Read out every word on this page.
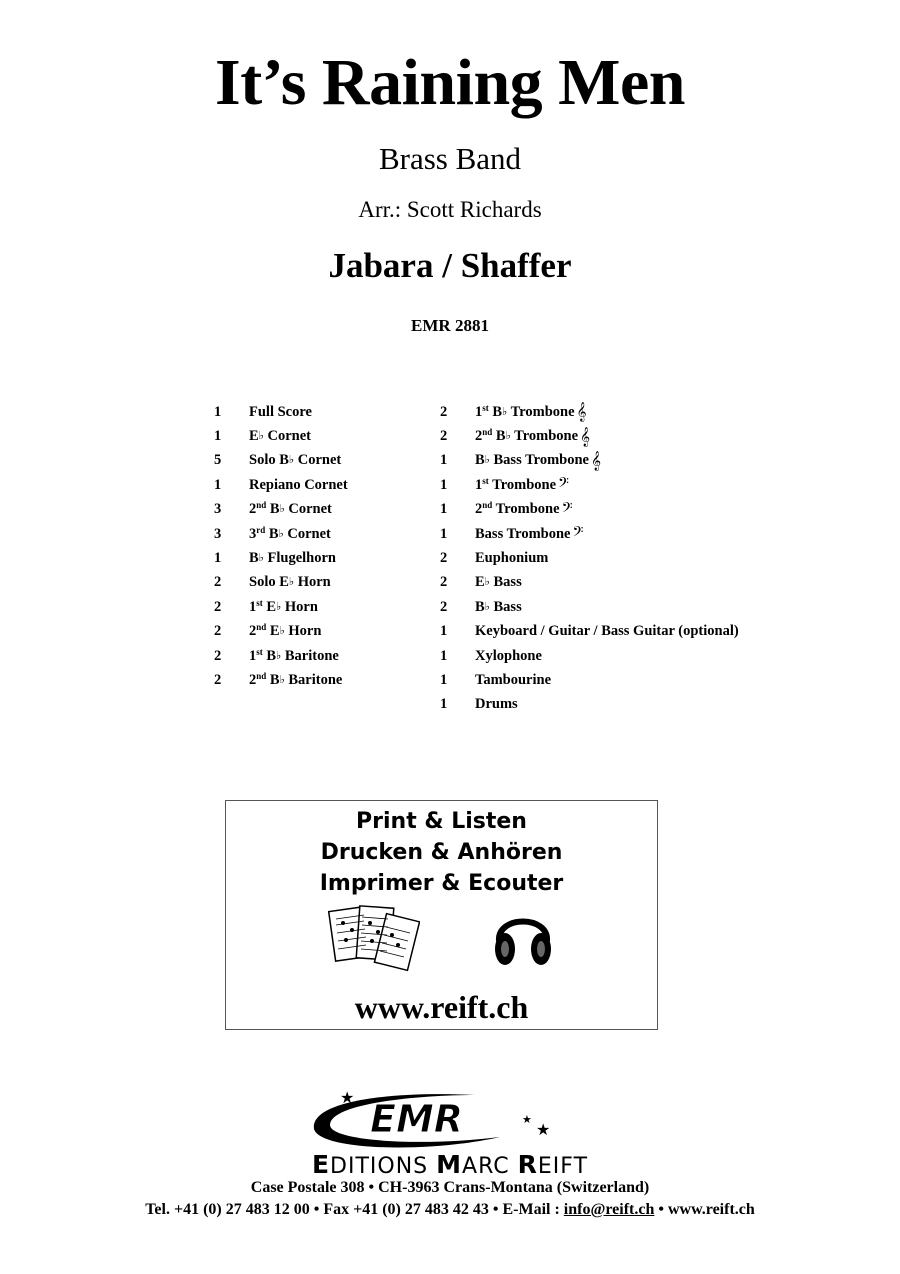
It’s Raining Men
Brass Band
Arr.: Scott Richards
Jabara / Shaffer
EMR 2881
1	Full Score
1	E♭ Cornet
5	Solo B♭ Cornet
1	Repiano Cornet
3	2nd B♭ Cornet
3	3rd B♭ Cornet
1	B♭ Flugelhorn
2	Solo E♭ Horn
2	1st E♭ Horn
2	2nd E♭ Horn
2	1st B♭ Baritone
2	2nd B♭ Baritone
2	1st B♭ Trombone 𝄞
2	2nd B♭ Trombone 𝄞
1	B♭ Bass Trombone 𝄞
1	1st Trombone 𝄢
1	2nd Trombone 𝄢
1	Bass Trombone 𝄢
2	Euphonium
2	E♭ Bass
2	B♭ Bass
1	Keyboard / Guitar / Bass Guitar (optional)
1	Xylophone
1	Tambourine
1	Drums
Print & Listen
Drucken & Anhören
Imprimer & Ecouter
www.reift.ch
EMR
★
★
★
EDITIONS MARC REIFT
Case Postale 308 • CH-3963 Crans-Montana (Switzerland)
Tel. +41 (0) 27 483 12 00 • Fax +41 (0) 27 483 42 43 • E-Mail : info@reift.ch • www.reift.ch
